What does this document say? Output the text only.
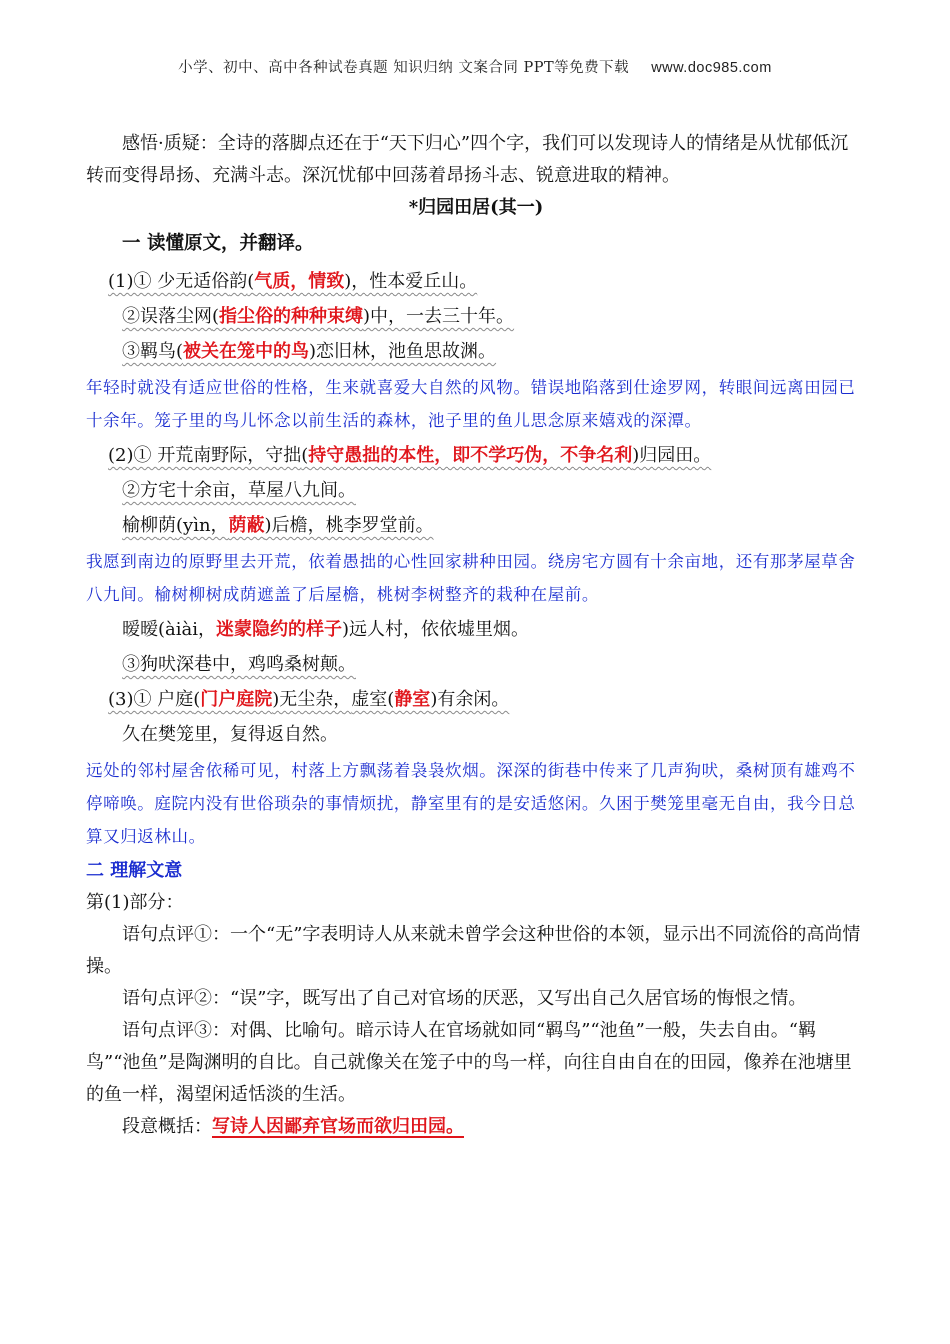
小学、初中、高中各种试卷真题 知识归纳 文案合同 PPT等免费下载 www.doc985.com

感悟·质疑：全诗的落脚点还在于“天下归心”四个字，我们可以发现诗人的情绪是从忧郁低沉转而变得昂扬、充满斗志。深沉忧郁中回荡着昂扬斗志、锐意进取的精神。

*归园田居(其一)

一 读懂原文，并翻译。

(1)① 少无适俗韵(气质，情致)，性本爱丘山。

②误落尘网(指尘俗的种种束缚)中，一去三十年。

③羁鸟(被关在笼中的鸟)恋旧林，池鱼思故渊。

年轻时就没有适应世俗的性格，生来就喜爱大自然的风物。错误地陷落到仕途罗网，转眼间远离田园已十余年。笼子里的鸟儿怀念以前生活的森林，池子里的鱼儿思念原来嬉戏的深潭。

(2)① 开荒南野际，守拙(持守愚拙的本性，即不学巧伪，不争名利)归园田。

②方宅十余亩，草屋八九间。

榆柳荫(yìn，荫蔽)后檐，桃李罗堂前。

我愿到南边的原野里去开荒，依着愚拙的心性回家耕种田园。绕房宅方圆有十余亩地，还有那茅屋草舍八九间。榆树柳树成荫遮盖了后屋檐，桃树李树整齐的栽种在屋前。

暧暧(àiài，迷蒙隐约的样子)远人村，依依墟里烟。

③狗吠深巷中，鸡鸣桑树颠。

(3)① 户庭(门户庭院)无尘杂，虚室(静室)有余闲。

久在樊笼里，复得返自然。

远处的邻村屋舍依稀可见，村落上方飘荡着袅袅炊烟。深深的街巷中传来了几声狗吠，桑树顶有雄鸡不停啼唤。庭院内没有世俗琐杂的事情烦扰，静室里有的是安适悠闲。久困于樊笼里毫无自由，我今日总算又归返林山。

二 理解文意

第(1)部分：

语句点评①：一个“无”字表明诗人从来就未曾学会这种世俗的本领，显示出不同流俗的高尚情操。

语句点评②：“误”字，既写出了自己对官场的厌恶，又写出自己久居官场的悔恨之情。

语句点评③：对偶、比喻句。暗示诗人在官场就如同“羁鸟”“池鱼”一般，失去自由。“羁鸟”“池鱼”是陶渊明的自比。自己就像关在笼子中的鸟一样，向往自由自在的田园，像养在池塘里的鱼一样，渴望闲适恬淡的生活。

段意概括：写诗人因鄙弃官场而欲归田园。
